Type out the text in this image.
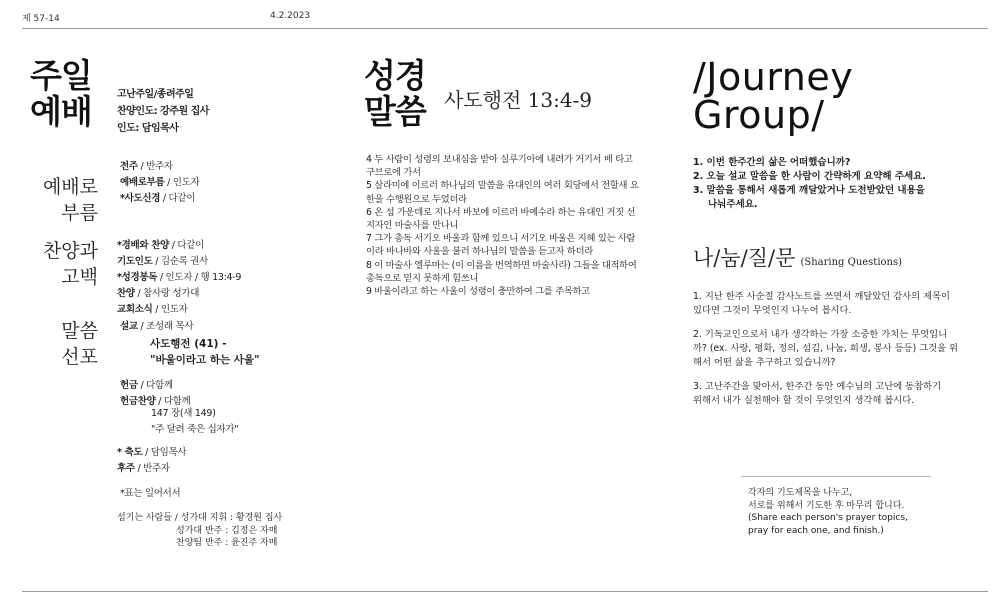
제 57-14	4.2.2023
주일
예배	고난주일/종려주일
찬양인도: 강주원 집사
인도: 담임목사
예배로
부름
전주 / 반주자
예배로부름 / 인도자
*사도신경 / 다같이
찬양과
고백
*경배와 찬양 / 다같이
기도인도 / 김순록 권사
*성경봉독 / 인도자 / 행 13:4-9
찬양 / 참사랑 성가대
교회소식 / 인도자
말씀
선포
설교 / 조성래 목사
사도행전 (41) -
"바울이라고 하는 사울"
헌금 / 다함께
헌금찬양 / 다함께
147 장(새 149)
"주 달려 죽은 십자가"
* 축도 / 담임목사
후주 / 반주자
*표는 일어서서
섬기는 사람들 / 성가대 지휘 : 황경원 집사
성가대 반주 : 김정은 자매
찬양팀 반주 : 윤진주 자매
성경
말씀 사도행전 13:4-9
4 두 사람이 성령의 보내심을 받아 실루기아에 내려가 거기서 배 타고 구브로에 가서
5 살라미에 이르러 하나님의 말씀을 유대인의 여러 회당에서 전할새 요한을 수행원으로 두었더라
6 온 섬 가운데로 지나서 바보에 이르러 바예수라 하는 유대인 거짓 선지자인 마술사를 만나니
7 그가 총독 서기오 바울과 함께 있으니 서기오 바울은 지혜 있는 사람이라 바나바와 사울을 불러 하나님의 말씀을 듣고자 하더라
8 이 마술사 엘루마는 (이 이름을 번역하면 마술사라) 그들을 대적하여 총독으로 믿지 못하게 힘쓰니
9 바울이라고 하는 사울이 성령이 충만하여 그를 주목하고
/Journey
Group/
1. 이번 한주간의 삶은 어떠했습니까?
2. 오늘 설교 말씀을 한 사람이 간략하게 요약해 주세요.
3. 말씀을 통해서 새롭게 깨달았거나 도전받았던 내용을
나눠주세요.
나/눔/질/문 (Sharing Questions)
1. 지난 한주 사순절 감사노트를 쓰면서 깨달았던 감사의 제목이
있다면 그것이 무엇인지 나누어 봅시다.
2. 기독교인으로서 내가 생각하는 가장 소중한 가치는 무엇입니
까? (ex. 사랑, 평화, 정의, 섬김, 나눔, 희생, 봉사 등등) 그것을 위
해서 어떤 삶을 추구하고 있습니까?
3. 고난주간을 맞아서, 한주간 동안 예수님의 고난에 동참하기
위해서 내가 실천해야 할 것이 무엇인지 생각해 봅시다.
각자의 기도제목을 나누고,
서로를 위해서 기도한 후 마무리 합니다.
(Share each person's prayer topics,
pray for each one, and finish.)
